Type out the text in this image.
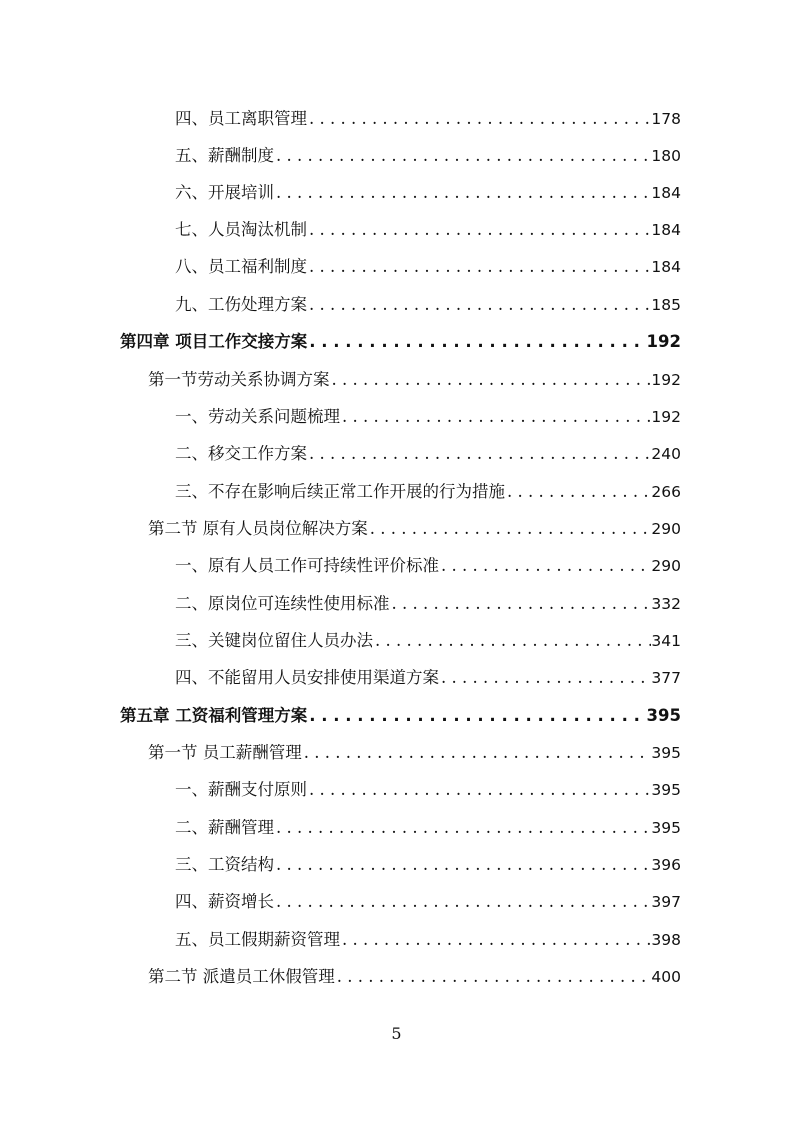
四、员工离职管理 . . .	178
五、薪酬制度 . . .	180
六、开展培训 . . .	184
七、人员淘汰机制 . . .	184
八、员工福利制度 . . .	184
九、工伤处理方案 . . .	185
第四章 项目工作交接方案 . . .	192
第一节劳动关系协调方案 . . .	192
一、劳动关系问题梳理 . . .	192
二、移交工作方案 . . .	240
三、不存在影响后续正常工作开展的行为措施 . . .	266
第二节 原有人员岗位解决方案 . . .	290
一、原有人员工作可持续性评价标准 . . .	290
二、原岗位可连续性使用标准 . . .	332
三、关键岗位留住人员办法 . . .	341
四、不能留用人员安排使用渠道方案 . . .	377
第五章 工资福利管理方案 . . .	395
第一节 员工薪酬管理 . . .	395
一、薪酬支付原则 . . .	395
二、薪酬管理 . . .	395
三、工资结构 . . .	396
四、薪资增长 . . .	397
五、员工假期薪资管理 . . .	398
第二节 派遣员工休假管理 . . .	400
5
